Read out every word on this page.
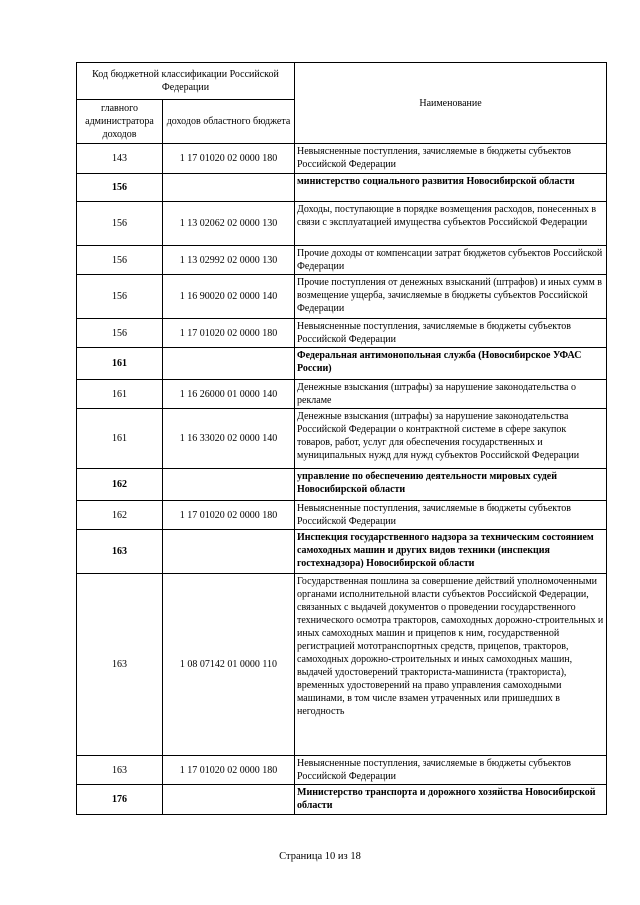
Код бюджетной классификации Российской Федерации		Наименование
главного администратора доходов	доходов областного бюджета	
143	1 17 01020 02 0000 180	Невыясненные поступления, зачисляемые в бюджеты субъектов Российской Федерации
156		министерство социального развития Новосибирской области
156	1 13 02062 02 0000 130	Доходы, поступающие в порядке возмещения расходов, понесенных в связи с эксплуатацией имущества субъектов Российской Федерации
156	1 13 02992 02 0000 130	Прочие доходы от компенсации затрат бюджетов субъектов Российской Федерации
156	1 16 90020 02 0000 140	Прочие поступления от денежных взысканий (штрафов) и иных сумм в возмещение ущерба, зачисляемые в бюджеты субъектов Российской Федерации
156	1 17 01020 02 0000 180	Невыясненные поступления, зачисляемые в бюджеты субъектов Российской Федерации
161		Федеральная антимонопольная служба (Новосибирское УФАС России)
161	1 16 26000 01 0000 140	Денежные взыскания (штрафы) за нарушение законодательства о рекламе
161	1 16 33020 02 0000 140	Денежные взыскания (штрафы) за нарушение законодательства Российской Федерации о контрактной системе в сфере закупок товаров, работ, услуг для обеспечения государственных и муниципальных нужд для нужд субъектов Российской Федерации
162		управление по обеспечению деятельности мировых судей Новосибирской области
162	1 17 01020 02 0000 180	Невыясненные поступления, зачисляемые в бюджеты субъектов Российской Федерации
163		Инспекция государственного надзора за техническим состоянием самоходных машин и других видов техники (инспекция гостехнадзора) Новосибирской области
163	1 08 07142 01 0000 110	Государственная пошлина за совершение действий уполномоченными органами исполнительной власти субъектов Российской Федерации, связанных с выдачей документов о проведении государственного технического осмотра тракторов, самоходных дорожно-строительных и иных самоходных машин и прицепов к ним, государственной регистрацией мототранспортных средств, прицепов, тракторов, самоходных дорожно-строительных и иных самоходных машин, выдачей удостоверений тракториста-машиниста (тракториста), временных удостоверений на право управления самоходными машинами, в том числе взамен утраченных или пришедших в негодность
163	1 17 01020 02 0000 180	Невыясненные поступления, зачисляемые в бюджеты субъектов Российской Федерации
176		Министерство транспорта и дорожного хозяйства Новосибирской области
Страница 10 из 18
